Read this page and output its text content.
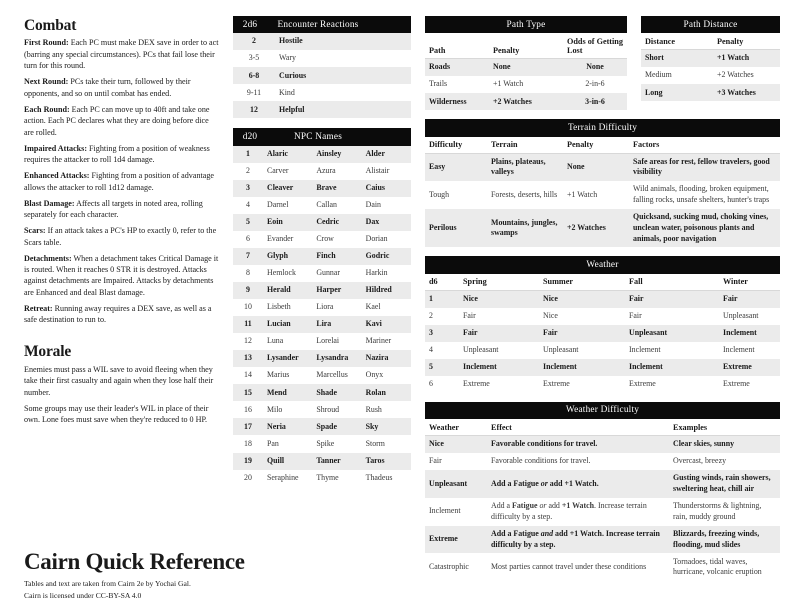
Combat

First Round: Each PC must make DEX save in order to act (barring any special circumstances). PCs that fail lose their turn for this round.

Next Round: PCs take their turn, followed by their opponents, and so on until combat has ended.

Each Round: Each PC can move up to 40ft and take one action. Each PC declares what they are doing before dice are rolled.

Impaired Attacks: Fighting from a position of weakness requires the attacker to roll 1d4 damage.

Enhanced Attacks: Fighting from a position of advantage allows the attacker to roll 1d12 damage.

Blast Damage: Affects all targets in noted area, rolling separately for each character.

Scars: If an attack takes a PC's HP to exactly 0, refer to the Scars table.

Detachments: When a detachment takes Critical Damage it is routed. When it reaches 0 STR it is destroyed. Attacks against detachments are Impaired. Attacks by detachments are Enhanced and deal Blast damage.

Retreat: Running away requires a DEX save, as well as a safe destination to run to.

Morale

Enemies must pass a WIL save to avoid fleeing when they take their first casualty and again when they lose half their number.

Some groups may use their leader's WIL in place of their own. Lone foes must save when they're reduced to 0 HP.

2d6	Encounter Reactions
2	Hostile
3-5	Wary
6-8	Curious
9-11	Kind
12	Helpful
d20	NPC Names
1	Alaric	Ainsley	Alder
2	Carver	Azura	Alistair
3	Cleaver	Brave	Caius
4	Darnel	Callan	Dain
5	Eoin	Cedric	Dax
6	Evander	Crow	Dorian
7	Glyph	Finch	Godric
8	Hemlock	Gunnar	Harkin
9	Herald	Harper	Hildred
10	Lisbeth	Liora	Kael
11	Lucian	Lira	Kavi
12	Luna	Lorelai	Mariner
13	Lysander	Lysandra	Nazira
14	Marius	Marcellus	Onyx
15	Mend	Shade	Rolan
16	Milo	Shroud	Rush
17	Neria	Spade	Sky
18	Pan	Spike	Storm
19	Quill	Tanner	Taros
20	Seraphine	Thyme	Thadeus
Path Type
Path	Penalty	Odds of Getting Lost
Roads	None	None
Trails	+1 Watch	2-in-6
Wilderness	+2 Watches	3-in-6
Path Distance
Distance	Penalty
Short	+1 Watch
Medium	+2 Watches
Long	+3 Watches
Terrain Difficulty
Difficulty	Terrain	Penalty	Factors
Easy	Plains, plateaus, valleys	None	Safe areas for rest, fellow travelers, good visibility
Tough	Forests, deserts, hills	+1 Watch	Wild animals, flooding, broken equipment, falling rocks, unsafe shelters, hunter's traps
Perilous	Mountains, jungles, swamps	+2 Watches	Quicksand, sucking mud, choking vines, unclean water, poisonous plants and animals, poor navigation
Weather
d6	Spring	Summer	Fall	Winter
1	Nice	Nice	Fair	Fair
2	Fair	Nice	Fair	Unpleasant
3	Fair	Fair	Unpleasant	Inclement
4	Unpleasant	Unpleasant	Inclement	Inclement
5	Inclement	Inclement	Inclement	Extreme
6	Extreme	Extreme	Extreme	Extreme
Weather Difficulty
Weather	Effect	Examples
Nice	Favorable conditions for travel.	Clear skies, sunny
Fair	Favorable conditions for travel.	Overcast, breezy
Unpleasant	Add a Fatigue or add +1 Watch.	Gusting winds, rain showers, sweltering heat, chill air
Inclement	Add a Fatigue or add +1 Watch. Increase terrain difficulty by a step.	Thunderstorms & lightning, rain, muddy ground
Extreme	Add a Fatigue and add +1 Watch. Increase terrain difficulty by a step.	Blizzards, freezing winds, flooding, mud slides
Catastrophic	Most parties cannot travel under these conditions	Tornadoes, tidal waves, hurricane, volcanic eruption
Cairn Quick Reference

Tables and text are taken from Cairn 2e by Yochai Gal.

Cairn is licensed under CC-BY-SA 4.0
